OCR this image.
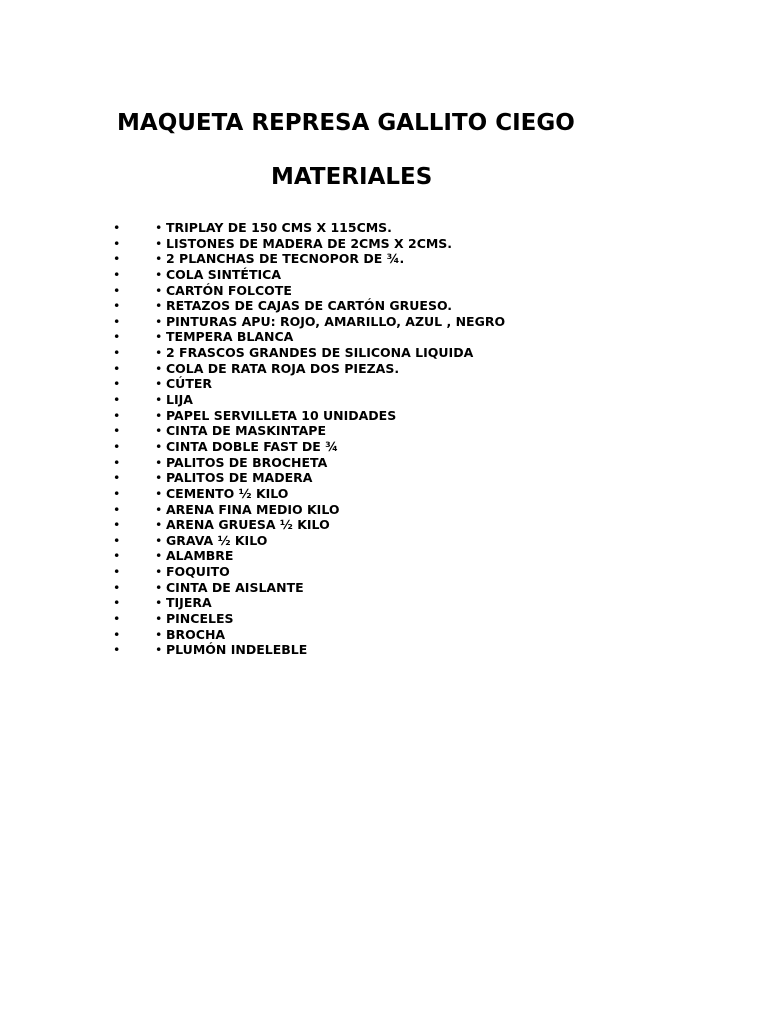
MAQUETA REPRESA GALLITO CIEGO
MATERIALES
•	• TRIPLAY DE 150 CMS X 115CMS.
•	• LISTONES DE MADERA DE 2CMS X 2CMS.
•	• 2 PLANCHAS DE TECNOPOR DE ¾.
•	• COLA SINTÉTICA
•	• CARTÓN FOLCOTE
•	• RETAZOS DE CAJAS DE CARTÓN GRUESO.
•	• PINTURAS APU: ROJO, AMARILLO, AZUL , NEGRO
•	• TEMPERA BLANCA
•	• 2 FRASCOS GRANDES DE SILICONA LIQUIDA
•	• COLA DE RATA ROJA DOS PIEZAS.
•	• CÚTER
•	• LIJA
•	• PAPEL SERVILLETA 10 UNIDADES
•	• CINTA DE MASKINTAPE
•	• CINTA DOBLE FAST DE ¾
•	• PALITOS DE BROCHETA
•	• PALITOS DE MADERA
•	• CEMENTO ½ KILO
•	• ARENA FINA MEDIO KILO
•	• ARENA GRUESA ½ KILO
•	• GRAVA ½ KILO
•	• ALAMBRE
•	• FOQUITO
•	• CINTA DE AISLANTE
•	• TIJERA
•	• PINCELES
•	• BROCHA
•	• PLUMÓN INDELEBLE
